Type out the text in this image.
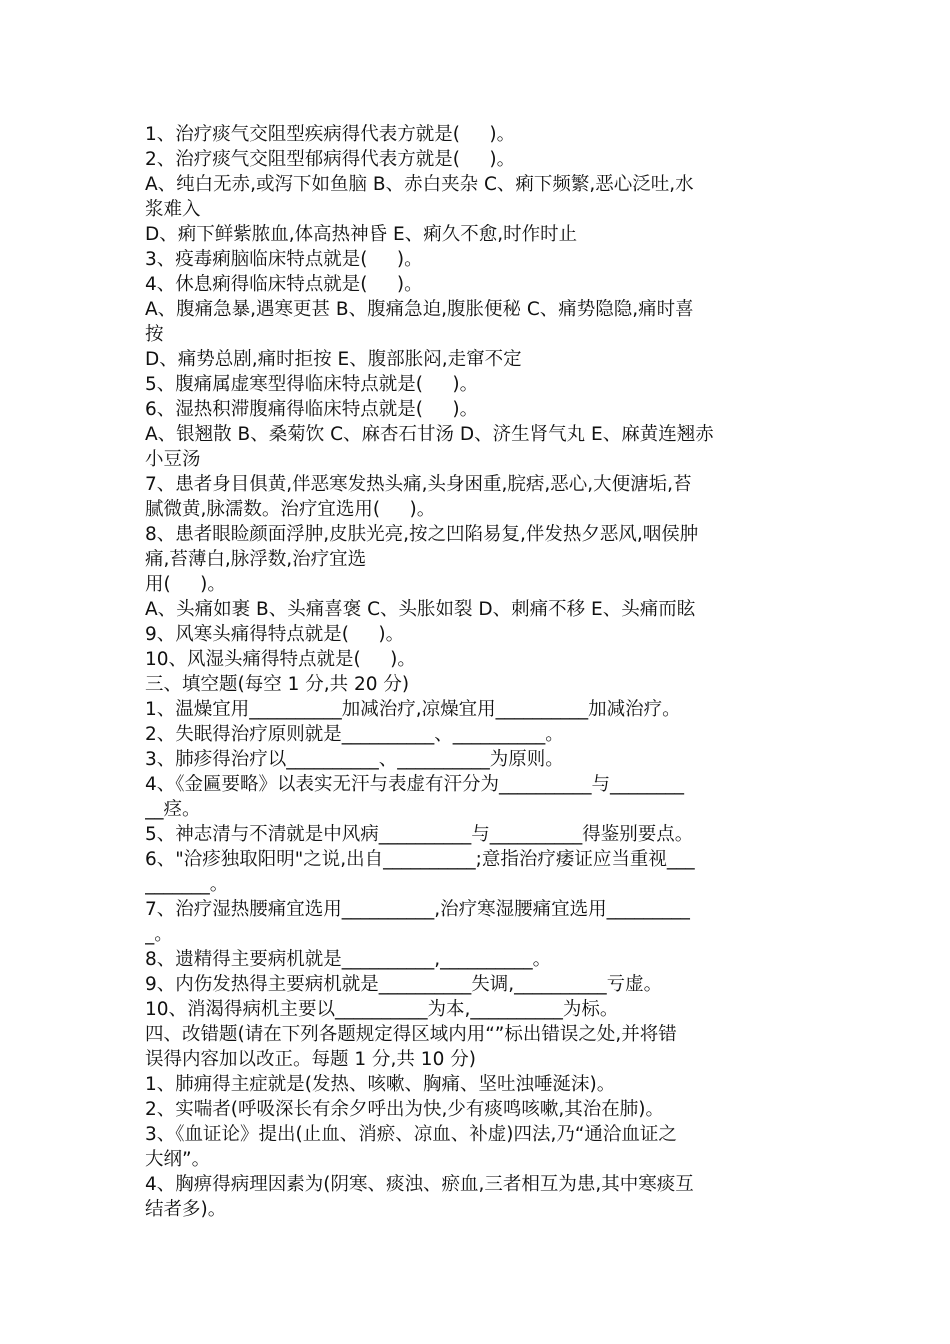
1、治疗痰气交阻型疾病得代表方就是(     )。
2、治疗痰气交阻型郁病得代表方就是(     )。
A、纯白无赤,或泻下如鱼脑 B、赤白夹杂 C、痢下频繁,恶心泛吐,水
浆难入
D、痢下鲜紫脓血,体高热神昏 E、痢久不愈,时作时止
3、疫毒痢脑临床特点就是(     )。
4、休息痢得临床特点就是(     )。
A、腹痛急暴,遇寒更甚 B、腹痛急迫,腹胀便秘 C、痛势隐隐,痛时喜
按
D、痛势总剧,痛时拒按 E、腹部胀闷,走窜不定
5、腹痛属虚寒型得临床特点就是(     )。
6、湿热积滞腹痛得临床特点就是(     )。
A、银翘散 B、桑菊饮 C、麻杏石甘汤 D、济生肾气丸 E、麻黄连翘赤
小豆汤
7、患者身目俱黄,伴恶寒发热头痛,头身困重,脘痞,恶心,大便溏垢,苔
腻微黄,脉濡数。治疗宜选用(     )。
8、患者眼睑颜面浮肿,皮肤光亮,按之凹陷易复,伴发热夕恶风,咽侯肿
痛,苔薄白,脉浮数,治疗宜选
用(     )。
A、头痛如裹 B、头痛喜褒 C、头胀如裂 D、刺痛不移 E、头痛而眩
9、风寒头痛得特点就是(     )。
10、风湿头痛得特点就是(     )。
三、填空题(每空 1 分,共 20 分)
1、温燥宜用__________加减治疗,凉燥宜用__________加减治疗。
2、失眠得治疗原则就是__________、__________。
3、肺疹得治疗以__________、__________为原则。
4、《金匾要略》以表实无汗与表虚有汗分为__________与________
__痉。
5、神志清与不清就是中风病__________与__________得鉴别要点。
6、"洽疹独取阳明"之说,出自__________;意指治疗痿证应当重视___
_______。
7、治疗湿热腰痛宜选用__________,治疗寒湿腰痛宜选用_________
_。
8、遗精得主要病机就是__________,__________。
9、内伤发热得主要病机就是__________失调,__________亏虚。
10、消渴得病机主要以__________为本,__________为标。
四、改错题(请在下列各题规定得区域内用“”标出错误之处,并将错
误得内容加以改正。每题 1 分,共 10 分)
1、肺痈得主症就是(发热、咳嗽、胸痛、坚吐浊唾涎沫)。
2、实喘者(呼吸深长有余夕呼出为快,少有痰鸣咳嗽,其治在肺)。
3、《血证论》提出(止血、消瘀、凉血、补虚)四法,乃“通洽血证之
大纲”。
4、胸痹得病理因素为(阴寒、痰浊、瘀血,三者相互为患,其中寒痰互
结者多)。
